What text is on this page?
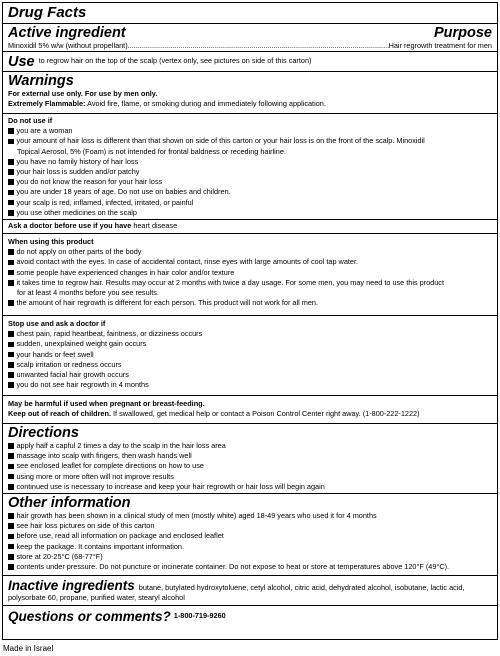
Drug Facts
Active ingredient	Purpose
Minoxidil 5% w/w (without propellant)
.....	Hair regrowth treatment for men
Use to regrow hair on the top of the scalp (vertex only, see pictures on side of this carton)
Warnings
For external use only. For use by men only.
Extremely Flammable: Avoid fire, flame, or smoking during and immediately following application.
Do not use if
you are a woman
your amount of hair loss is different than that shown on side of this carton or your hair loss is on the front of the scalp. Minoxidil
Topical Aerosol, 5% (Foam) is not intended for frontal baldness or receding hairline.
you have no family history of hair loss
your hair loss is sudden and/or patchy
you do not know the reason for your hair loss
you are under 18 years of age. Do not use on babies and children.
your scalp is red, inflamed, infected, irritated, or painful
you use other medicines on the scalp
Ask a doctor before use if you have heart disease
When using this product
do not apply on other parts of the body
avoid contact with the eyes. In case of accidental contact, rinse eyes with large amounts of cool tap water.
some people have experienced changes in hair color and/or texture
it takes time to regrow hair. Results may occur at 2 months with twice a day usage. For some men, you may need to use this product
for at least 4 months before you see results.
the amount of hair regrowth is different for each person. This product will not work for all men.
Stop use and ask a doctor if
chest pain, rapid heartbeat, faintness, or dizziness occurs
sudden, unexplained weight gain occurs
your hands or feet swell
scalp irritation or redness occurs
unwanted facial hair growth occurs
you do not see hair regrowth in 4 months
May be harmful if used when pregnant or breast-feeding.
Keep out of reach of children. If swallowed, get medical help or contact a Poison Control Center right away. (1-800-222-1222)
Directions
apply half a capful 2 times a day to the scalp in the hair loss area
massage into scalp with fingers, then wash hands well
see enclosed leaflet for complete directions on how to use
using more or more often will not improve results
continued use is necessary to increase and keep your hair regrowth or hair loss will begin again
Other information
hair growth has been shown in a clinical study of men (mostly white) aged 18-49 years who used it for 4 months
see hair loss pictures on side of this carton
before use, read all information on package and enclosed leaflet
keep the package. It contains important information.
store at 20-25°C (68-77°F)
contents under pressure. Do not puncture or incinerate container. Do not expose to heat or store at temperatures above 120°F (49°C).
Inactive ingredients butane, butylated hydroxytoluene, cetyl alcohol, citric acid, dehydrated alcohol, isobutane, lactic acid,
polysorbate 60, propane, purified water, stearyl alcohol
Questions or comments? 1-800-719-9260
Made in Israel
